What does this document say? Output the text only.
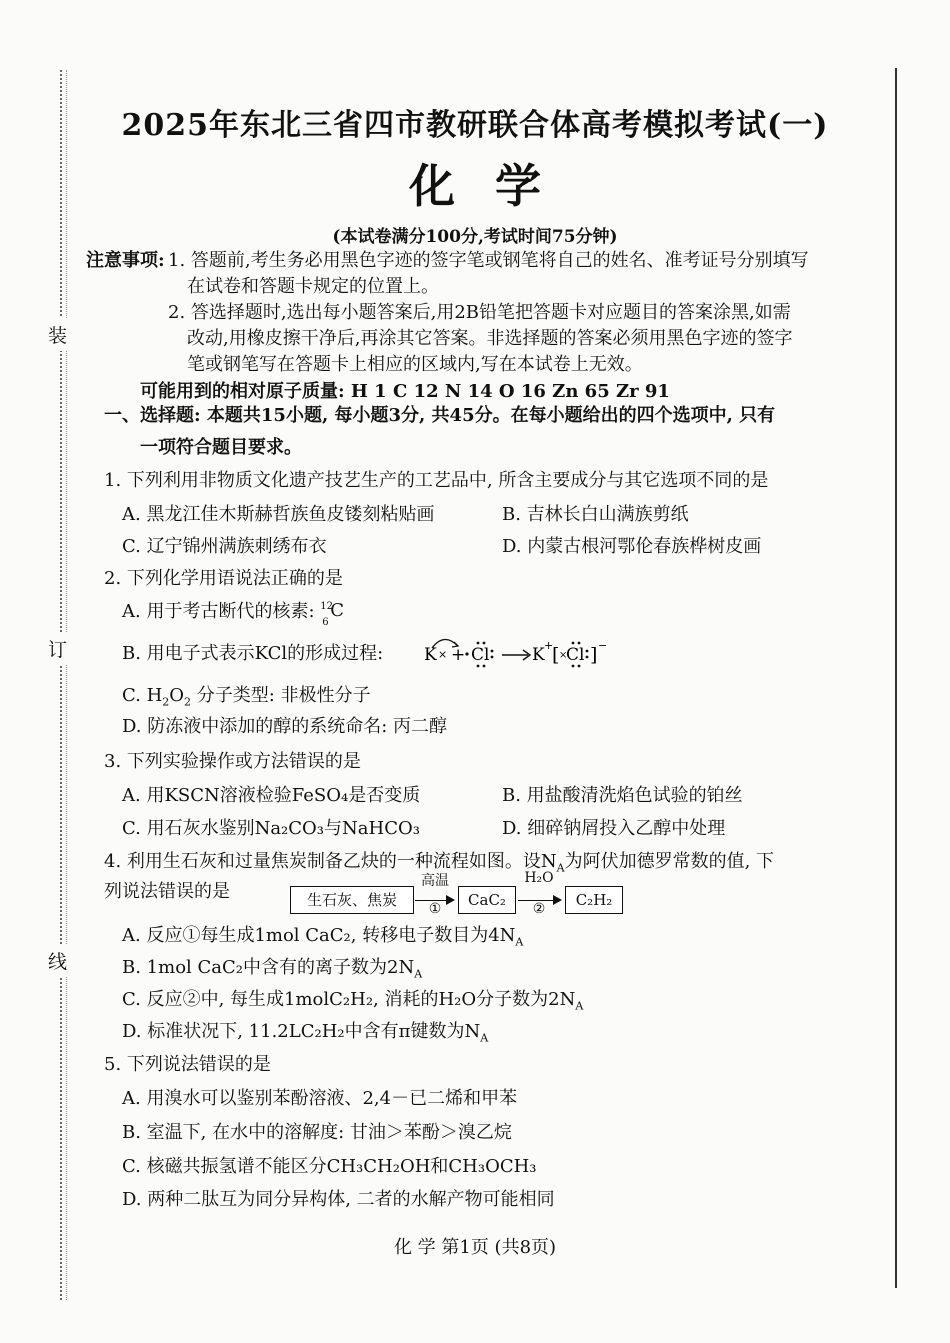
装
订
线
2025年东北三省四市教研联合体高考模拟考试(一)
化学
(本试卷满分100分,考试时间75分钟)
注意事项: 1. 答题前,考生务必用黑色字迹的签字笔或钢笔将自己的姓名、准考证号分别填写
在试卷和答题卡规定的位置上。
2. 答选择题时,选出每小题答案后,用2B铅笔把答题卡对应题目的答案涂黑,如需
改动,用橡皮擦干净后,再涂其它答案。非选择题的答案必须用黑色字迹的签字
笔或钢笔写在答题卡上相应的区域内,写在本试卷上无效。
可能用到的相对原子质量: H 1 C 12 N 14 O 16 Zn 65 Zr 91
一、选择题: 本题共15小题, 每小题3分, 共45分。在每小题给出的四个选项中, 只有
一项符合题目要求。
1. 下列利用非物质文化遗产技艺生产的工艺品中, 所含主要成分与其它选项不同的是
A. 黑龙江佳木斯赫哲族鱼皮镂刻粘贴画	B. 吉林长白山满族剪纸
C. 辽宁锦州满族刺绣布衣	D. 内蒙古根河鄂伦春族桦树皮画
2. 下列化学用语说法正确的是
A. 用于考古断代的核素: 12
6
C
B. 用电子式表示KCl的形成过程: K × + Cl	K +
[ ×
Cl ] −
C. $H_2O_2$ 分子类型: 非极性分子
D. 防冻液中添加的醇的系统命名: 丙二醇
3. 下列实验操作或方法错误的是
A. 用KSCN溶液检验FeSO₄是否变质	B. 用盐酸清洗焰色试验的铂丝
C. 用石灰水鉴别Na₂CO₃与NaHCO₃	D. 细碎钠屑投入乙醇中处理
4. 利用生石灰和过量焦炭制备乙炔的一种流程如图。设$N_A$为阿伏加德罗常数的值, 下
列说法错误的是	生石灰、焦炭
高温
①	CaC₂
H₂O
②	C₂H₂
A. 反应①每生成1mol CaC₂, 转移电子数目为$4N_A$
B. 1mol CaC₂中含有的离子数为$2N_A$
C. 反应②中, 每生成1molC₂H₂, 消耗的H₂O分子数为$2N_A$
D. 标准状况下, 11.2LC₂H₂中含有π键数为$N_A$
5. 下列说法错误的是
A. 用溴水可以鉴别苯酚溶液、2,4－已二烯和甲苯
B. 室温下, 在水中的溶解度: 甘油＞苯酚＞溴乙烷
C. 核磁共振氢谱不能区分CH₃CH₂OH和CH₃OCH₃
D. 两种二肽互为同分异构体, 二者的水解产物可能相同
化 学 第1页 (共8页)
